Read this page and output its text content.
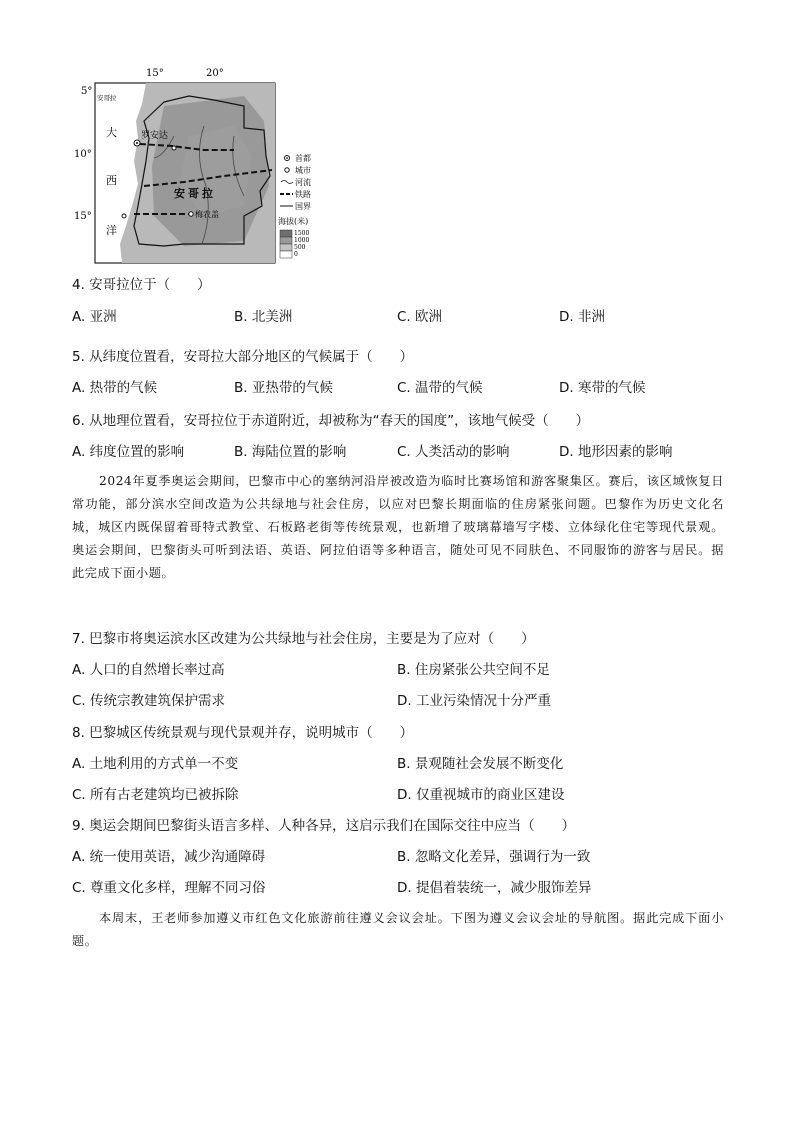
15°	20°
5°
10°
15°
大
西
洋
安哥拉
罗安达
梅农盖
安哥拉
首都
城市
河流
铁路
国界
海拔(米)
1500
1000
500
0
4. 安哥拉位于（　　）
A. 亚洲	B. 北美洲	C. 欧洲	D. 非洲
5. 从纬度位置看，安哥拉大部分地区的气候属于（　　）
A. 热带的气候	B. 亚热带的气候	C. 温带的气候	D. 寒带的气候
6. 从地理位置看，安哥拉位于赤道附近，却被称为“春天的国度”，该地气候受（　　）
A. 纬度位置的影响	B. 海陆位置的影响	C. 人类活动的影响	D. 地形因素的影响
2024年夏季奥运会期间，巴黎市中心的塞纳河沿岸被改造为临时比赛场馆和游客聚集区。赛后，该区域恢复日常功能，部分滨水空间改造为公共绿地与社会住房，以应对巴黎长期面临的住房紧张问题。巴黎作为历史文化名城，城区内既保留着哥特式教堂、石板路老街等传统景观，也新增了玻璃幕墙写字楼、立体绿化住宅等现代景观。奥运会期间，巴黎街头可听到法语、英语、阿拉伯语等多种语言，随处可见不同肤色、不同服饰的游客与居民。据此完成下面小题。
7. 巴黎市将奥运滨水区改建为公共绿地与社会住房，主要是为了应对（　　）
A. 人口的自然增长率过高	B. 住房紧张公共空间不足
C. 传统宗教建筑保护需求	D. 工业污染情况十分严重
8. 巴黎城区传统景观与现代景观并存，说明城市（　　）
A. 土地利用的方式单一不变	B. 景观随社会发展不断变化
C. 所有古老建筑均已被拆除	D. 仅重视城市的商业区建设
9. 奥运会期间巴黎街头语言多样、人种各异，这启示我们在国际交往中应当（　　）
A. 统一使用英语，减少沟通障碍	B. 忽略文化差异，强调行为一致
C. 尊重文化多样，理解不同习俗	D. 提倡着装统一，减少服饰差异
本周末，王老师参加遵义市红色文化旅游前往遵义会议会址。下图为遵义会议会址的导航图。据此完成下面小题。
